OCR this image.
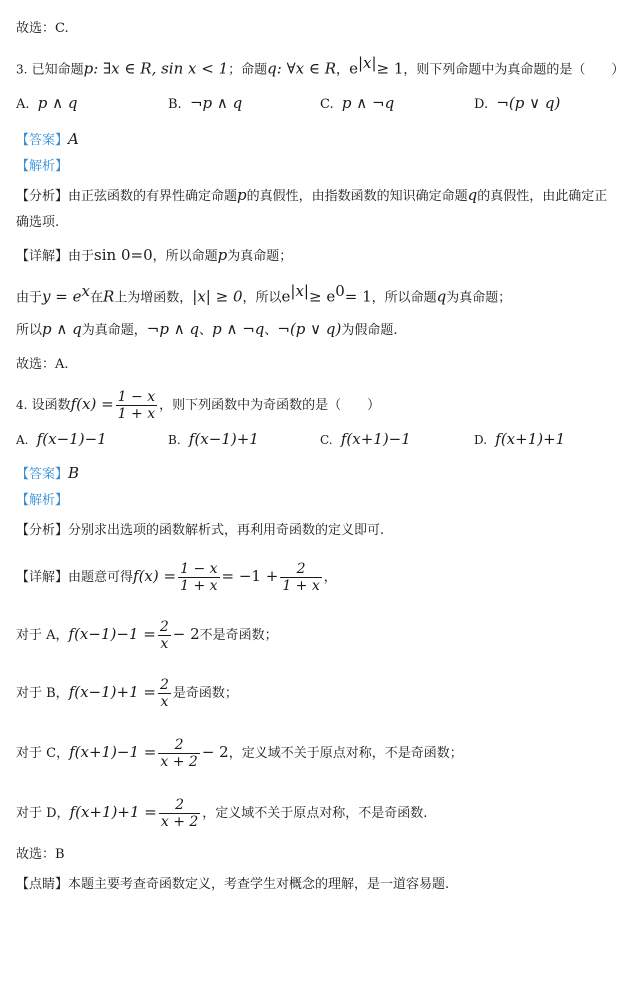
故选：C.
3. 已知命题p: ∃x ∈ R, sin x < 1；命题q: ∀x ∈ R，$e^{|x|}\ge 1$，则下列命题中为真命题的是（　　）
A. p ∧ q	B. ¬p ∧ q	C. p ∧ ¬q	D. ¬(p ∨ q)
【答案】A
【解析】
【分析】由正弦函数的有界性确定命题p的真假性，由指数函数的知识确定命题q的真假性，由此确定正
确选项.
【详解】由于sin 0=0，所以命题p为真命题；
由于$y = e^x$在R上为增函数，|x| ≥ 0，所以$e^{|x|}\ge e^0= 1$，所以命题q为真命题；
所以p ∧ q为真命题，¬p ∧ q、p ∧ ¬q、¬(p ∨ q)为假命题.
故选：A.
4. 设函数$f(x) = \frac{1 - x}{1 + x}$ ，则下列函数中为奇函数的是（　　）
A. f(x−1)−1	B. f(x−1)+1	C. f(x+1)−1	D. f(x+1)+1
【答案】B
【解析】
【分析】分别求出选项的函数解析式，再利用奇函数的定义即可.
【详解】由题意可得$f(x) = \frac{1 - x}{1 + x} = -1 + \frac{2}{1 + x}$ ，
对于 A，$f(x-1)-1 = \frac{2}{x} - 2$不是奇函数；
对于 B，$f(x-1)+1 = \frac{2}{x}$ 是奇函数；
对于 C，$f(x+1)-1 = \frac{2}{x + 2} - 2$，定义域不关于原点对称，不是奇函数；
对于 D，$f(x+1)+1 = \frac{2}{x + 2}$ ，定义域不关于原点对称，不是奇函数.
故选：B
【点睛】本题主要考查奇函数定义，考查学生对概念的理解，是一道容易题.
